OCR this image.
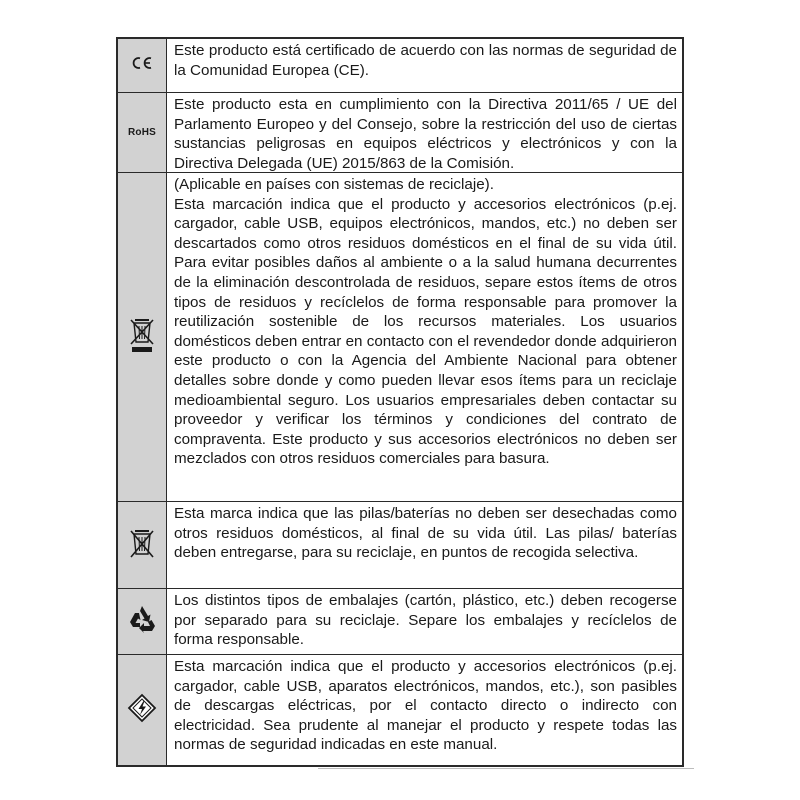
Este producto está certificado de acuerdo con las normas de seguridad de la Comunidad Europea (CE).

RoHS

Este producto esta en cumplimiento con la Directiva 2011/65 / UE del Parlamento Europeo y del Consejo, sobre la restricción del uso de ciertas sustancias peligrosas en equipos eléctricos y electrónicos y con la Directiva Delegada (UE) 2015/863 de la Comisión.

(Aplicable en países con sistemas de reciclaje).

Esta marcación indica que el producto y accesorios electrónicos (p.ej. cargador, cable USB, equipos electrónicos, mandos, etc.) no deben ser descartados como otros residuos domésticos en el final de su vida útil. Para evitar posibles daños al ambiente o a la salud humana decurrentes de la eliminación descontrolada de residuos, separe estos ítems de otros tipos de residuos y recíclelos de forma responsable para promover la reutilización sostenible de los recursos materiales. Los usuarios domésticos deben entrar en contacto con el revendedor donde adquirieron este producto o con la Agencia del Ambiente Nacional para obtener detalles sobre donde y como pueden llevar esos ítems para un reciclaje medioambiental seguro. Los usuarios empresariales deben contactar su proveedor y verificar los términos y condiciones del contrato de compraventa. Este producto y sus accesorios electrónicos no deben ser mezclados con otros residuos comerciales para basura.

Esta marca indica que las pilas/baterías no deben ser desechadas como otros residuos domésticos, al final de su vida útil. Las pilas/ baterías deben entregarse, para su reciclaje, en puntos de recogida selectiva.

Los distintos tipos de embalajes (cartón, plástico, etc.) deben recogerse por separado para su reciclaje. Separe los embalajes y recíclelos de forma responsable.

Esta marcación indica que el producto y accesorios electrónicos (p.ej. cargador, cable USB, aparatos electrónicos, mandos, etc.), son pasibles de descargas eléctricas, por el contacto directo o indirecto con electricidad. Sea prudente al manejar el producto y respete todas las normas de seguridad indicadas en este manual.
